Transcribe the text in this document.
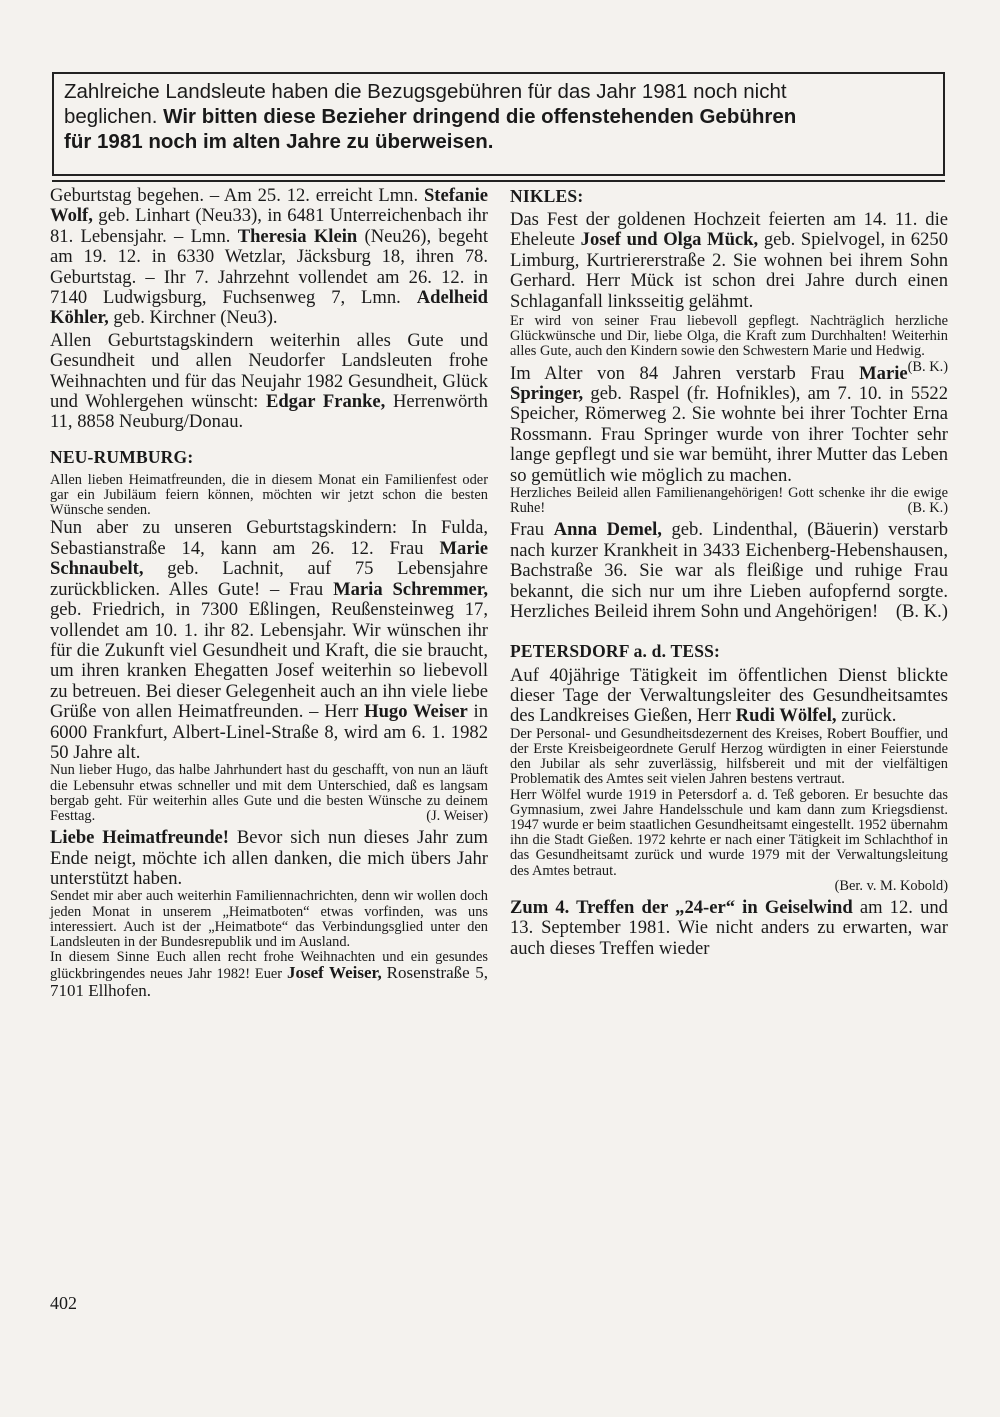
Zahlreiche Landsleute haben die Bezugsgebühren für das Jahr 1981 noch nicht
beglichen. Wir bitten diese Bezieher dringend die offenstehenden Gebühren
für 1981 noch im alten Jahre zu überweisen.

Geburtstag begehen. – Am 25. 12. erreicht Lmn. Stefanie Wolf, geb. Linhart (Neu33), in 6481 Unterreichenbach ihr 81. Lebensjahr. – Lmn. Theresia Klein (Neu26), begeht am 19. 12. in 6330 Wetzlar, Jäcksburg 18, ihren 78. Geburtstag. – Ihr 7. Jahrzehnt vollendet am 26. 12. in 7140 Ludwigsburg, Fuchsenweg 7, Lmn. Adelheid Köhler, geb. Kirchner (Neu3).

Allen Geburtstagskindern weiterhin alles Gute und Gesundheit und allen Neudorfer Landsleuten frohe Weihnachten und für das Neujahr 1982 Gesundheit, Glück und Wohlergehen wünscht: Edgar Franke, Herrenwörth 11, 8858 Neuburg/Donau.

NEU-RUMBURG:

Allen lieben Heimatfreunden, die in diesem Monat ein Familienfest oder gar ein Jubiläum feiern können, möchten wir jetzt schon die besten Wünsche senden.

Nun aber zu unseren Geburtstagskindern: In Fulda, Sebastianstraße 14, kann am 26. 12. Frau Marie Schnaubelt, geb. Lachnit, auf 75 Lebensjahre zurückblicken. Alles Gute! – Frau Maria Schremmer, geb. Friedrich, in 7300 Eßlingen, Reußensteinweg 17, vollendet am 10. 1. ihr 82. Lebensjahr. Wir wünschen ihr für die Zukunft viel Gesundheit und Kraft, die sie braucht, um ihren kranken Ehegatten Josef weiterhin so liebevoll zu betreuen. Bei dieser Gelegenheit auch an ihn viele liebe Grüße von allen Heimatfreunden. – Herr Hugo Weiser in 6000 Frankfurt, Albert-Linel-Straße 8, wird am 6. 1. 1982 50 Jahre alt.

Nun lieber Hugo, das halbe Jahrhundert hast du geschafft, von nun an läuft die Lebensuhr etwas schneller und mit dem Unterschied, daß es langsam bergab geht. Für weiterhin alles Gute und die besten Wünsche zu deinem Festtag.	(J. Weiser)

Liebe Heimatfreunde! Bevor sich nun dieses Jahr zum Ende neigt, möchte ich allen danken, die mich übers Jahr unterstützt haben.

Sendet mir aber auch weiterhin Familiennachrichten, denn wir wollen doch jeden Monat in unserem „Heimatboten“ etwas vorfinden, was uns interessiert. Auch ist der „Heimatbote“ das Verbindungsglied unter den Landsleuten in der Bundesrepublik und im Ausland.

In diesem Sinne Euch allen recht frohe Weihnachten und ein gesundes glückbringendes neues Jahr 1982! Euer Josef Weiser, Rosenstraße 5, 7101 Ellhofen.

NIKLES:

Das Fest der goldenen Hochzeit feierten am 14. 11. die Eheleute Josef und Olga Mück, geb. Spielvogel, in 6250 Limburg, Kurtriererstraße 2. Sie wohnen bei ihrem Sohn Gerhard. Herr Mück ist schon drei Jahre durch einen Schlaganfall linksseitig gelähmt.

Er wird von seiner Frau liebevoll gepflegt. Nachträglich herzliche Glückwünsche und Dir, liebe Olga, die Kraft zum Durchhalten! Weiterhin alles Gute, auch den Kindern sowie den Schwestern Marie und Hedwig.
(B. K.)

Im Alter von 84 Jahren verstarb Frau Marie Springer, geb. Raspel (fr. Hofnikles), am 7. 10. in 5522 Speicher, Römerweg 2. Sie wohnte bei ihrer Tochter Erna Rossmann. Frau Springer wurde von ihrer Tochter sehr lange gepflegt und sie war bemüht, ihrer Mutter das Leben so gemütlich wie möglich zu machen.

Herzliches Beileid allen Familienangehörigen! Gott schenke ihr die ewige Ruhe!	(B. K.)

Frau Anna Demel, geb. Lindenthal, (Bäuerin) verstarb nach kurzer Krankheit in 3433 Eichenberg-Hebenshausen, Bachstraße 36. Sie war als fleißige und ruhige Frau bekannt, die sich nur um ihre Lieben aufopfernd sorgte. Herzliches Beileid ihrem Sohn und Angehörigen! (B. K.)

PETERSDORF a. d. TESS:

Auf 40jährige Tätigkeit im öffentlichen Dienst blickte dieser Tage der Verwaltungsleiter des Gesundheitsamtes des Landkreises Gießen, Herr Rudi Wölfel, zurück.

Der Personal- und Gesundheitsdezernent des Kreises, Robert Bouffier, und der Erste Kreisbeigeordnete Gerulf Herzog würdigten in einer Feierstunde den Jubilar als sehr zuverlässig, hilfsbereit und mit der vielfältigen Problematik des Amtes seit vielen Jahren bestens vertraut.

Herr Wölfel wurde 1919 in Petersdorf a. d. Teß geboren. Er besuchte das Gymnasium, zwei Jahre Handelsschule und kam dann zum Kriegsdienst. 1947 wurde er beim staatlichen Gesundheitsamt eingestellt. 1952 übernahm ihn die Stadt Gießen. 1972 kehrte er nach einer Tätigkeit im Schlachthof in das Gesundheitsamt zurück und wurde 1979 mit der Verwaltungsleitung des Amtes betraut.

(Ber. v. M. Kobold)

Zum 4. Treffen der „24-er“ in Geiselwind am 12. und 13. September 1981. Wie nicht anders zu erwarten, war auch dieses Treffen wieder

402
